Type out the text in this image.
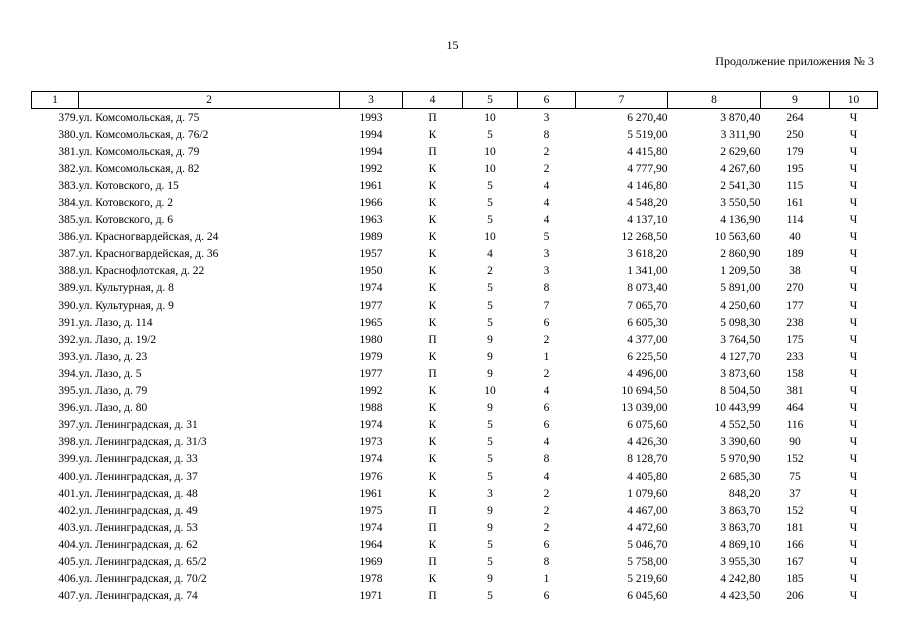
15
Продолжение приложения № 3
1	2	3	4	5	6	7	8	9	10
379.	ул. Комсомольская, д. 75	1993	П	10	3	6 270,40	3 870,40	264	Ч
380.	ул. Комсомольская, д. 76/2	1994	К	5	8	5 519,00	3 311,90	250	Ч
381.	ул. Комсомольская, д. 79	1994	П	10	2	4 415,80	2 629,60	179	Ч
382.	ул. Комсомольская, д. 82	1992	К	10	2	4 777,90	4 267,60	195	Ч
383.	ул. Котовского, д. 15	1961	К	5	4	4 146,80	2 541,30	115	Ч
384.	ул. Котовского, д. 2	1966	К	5	4	4 548,20	3 550,50	161	Ч
385.	ул. Котовского, д. 6	1963	К	5	4	4 137,10	4 136,90	114	Ч
386.	ул. Красногвардейская, д. 24	1989	К	10	5	12 268,50	10 563,60	40	Ч
387.	ул. Красногвардейская, д. 36	1957	К	4	3	3 618,20	2 860,90	189	Ч
388.	ул. Краснофлотская, д. 22	1950	К	2	3	1 341,00	1 209,50	38	Ч
389.	ул. Культурная, д. 8	1974	К	5	8	8 073,40	5 891,00	270	Ч
390.	ул. Культурная, д. 9	1977	К	5	7	7 065,70	4 250,60	177	Ч
391.	ул. Лазо, д. 114	1965	К	5	6	6 605,30	5 098,30	238	Ч
392.	ул. Лазо, д. 19/2	1980	П	9	2	4 377,00	3 764,50	175	Ч
393.	ул. Лазо, д. 23	1979	К	9	1	6 225,50	4 127,70	233	Ч
394.	ул. Лазо, д. 5	1977	П	9	2	4 496,00	3 873,60	158	Ч
395.	ул. Лазо, д. 79	1992	К	10	4	10 694,50	8 504,50	381	Ч
396.	ул. Лазо, д. 80	1988	К	9	6	13 039,00	10 443,99	464	Ч
397.	ул. Ленинградская, д. 31	1974	К	5	6	6 075,60	4 552,50	116	Ч
398.	ул. Ленинградская, д. 31/3	1973	К	5	4	4 426,30	3 390,60	90	Ч
399.	ул. Ленинградская, д. 33	1974	К	5	8	8 128,70	5 970,90	152	Ч
400.	ул. Ленинградская, д. 37	1976	К	5	4	4 405,80	2 685,30	75	Ч
401.	ул. Ленинградская, д. 48	1961	К	3	2	1 079,60	848,20	37	Ч
402.	ул. Ленинградская, д. 49	1975	П	9	2	4 467,00	3 863,70	152	Ч
403.	ул. Ленинградская, д. 53	1974	П	9	2	4 472,60	3 863,70	181	Ч
404.	ул. Ленинградская, д. 62	1964	К	5	6	5 046,70	4 869,10	166	Ч
405.	ул. Ленинградская, д. 65/2	1969	П	5	8	5 758,00	3 955,30	167	Ч
406.	ул. Ленинградская, д. 70/2	1978	К	9	1	5 219,60	4 242,80	185	Ч
407.	ул. Ленинградская, д. 74	1971	П	5	6	6 045,60	4 423,50	206	Ч
